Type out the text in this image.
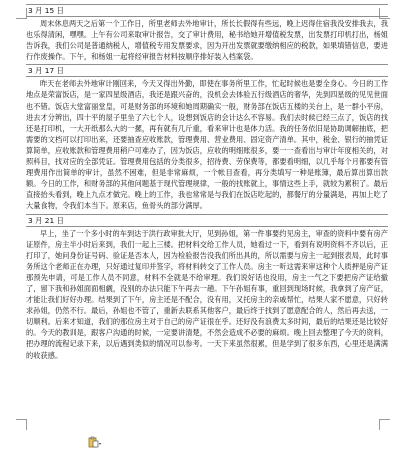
3 月 15 日

周末休息两天之后第一个工作日，所里老师去外地审计，所长长假得有些远，晚上迟得住宿我没安排我去，我也乐得清闲，嘿嘿。上午有公司来取审计报告，交了审计费用，秘书给她开增值税发票，出发票打印机打出，杨姐告诉我，我们公司是普通纳税人，增值税专用发票要求，因为开出发票就要缴纳相应的税款，如果填错信息，要进行作废操作。下午，和杨姐一起将经审报告材料按顺序排好装入档案袋。

3 月 17 日

昨天在老师去外地审计刚回来，今天又得出外勤，即使在事务所里工作，忙起时候也是要全身心。今日的工作地点是荣富饭店，是一家四星级酒店，我还是跟兴奋的，没机会去体验五行级酒店的奢华，先到四星级的见见世面也不错。饭店大堂富丽堂皇，可是财务部的环境和她周期确实一般，财务部在饭店五楼的关台上，是一群小平房，进去才分辨出，四十平的屋子里坐了六七个人，设想到饭店的会计达么不容易。我们去时候已经三点了，饭店的找还是打印机，一大开纸那么大的一摞，再有就有几斤重，看来审计也是体力活。我的任务依旧是协助调解抽底，把需要的文档可以打印出来，还要抽查应收账款，管理费用、营业费用、固定资产清单。其中，税金、银行的抽凭证算简单，应收账款和管理费用稍户可难办了，因为饭店，应收的明细账很多，要一一查看出与审计年度相关的，对照科目，找对应的全部凭证。管理费用包括的分类很多，招待费、劳保费等，都要看明细，以几乎每个月都要有管理费用作出简单的审计，虽然不困难，但是非常麻烦，一个帐目查看，再分类填写一种是账簿，最后算出算出款额。今日的工作，和财务部的其他问题基于现代管理规律，一般的找账就上，事情这些上手，就较为累积了。最后直接抬头看到，晚上九点才做完。晚上的工作，我也常常是与我们在饭店吃起的，都餐厅的分量满是，再加上吃了大量食物，令我们本当下。原来店，鱼骨头的部分满厚。

3 月 21 日

早上，坐了一个多小时的车到达于洪行政审批大厅，见到孙姐，第一件事要约见房主，审查的资料中要有房产证原件，房主半小时后来到，我们一起上三楼。把材料交给工作人员，她看过一下，看到有说明资料不齐以后，正打印了，她问身份证号码、验证是否本人，因为检验报告没我们所出具的，所以需要与房主一起到报表局，此时事务所这个老师正在办理，只好通过复印并签字，将材料转交了工作人员。房主一听这需来审这种个人质押是房产证那预先申请，可是工作人员不同意，材料不全就是不给审理。我们说好话也没用，房主一气之下要把房产证给撤了，留下我和孙姐面面相觑，没别的办法只能下午再去一趟。下午孙姐有事，重回到现场时候，我拿到了房产证，才能让我们好好办理。结果到了下午，房主还是不配合，没有用，又托房主的亲戚帮忙，结果人家不愿意，只好转求孙姐，仍然不行。最后，孙姐也不管了，重新去联系其他客户，最后终于找到了愿意配合的人，然后再去送，一切顺利。后来才知道，我们的那位房主对于自己的房产证很在乎。还好没有浪费太多时间，最后的结果还是比较好的。今天的教训是，跟客户沟通的时候，一定要讲清楚，不然会造成不必要的麻烦。晚上回去整理了今天的资料，把办理的流程记录下来，以后遇到类似的情况可以参考。一天下来虽然很累，但是学到了很多东西，心里还是满满的收获感。
